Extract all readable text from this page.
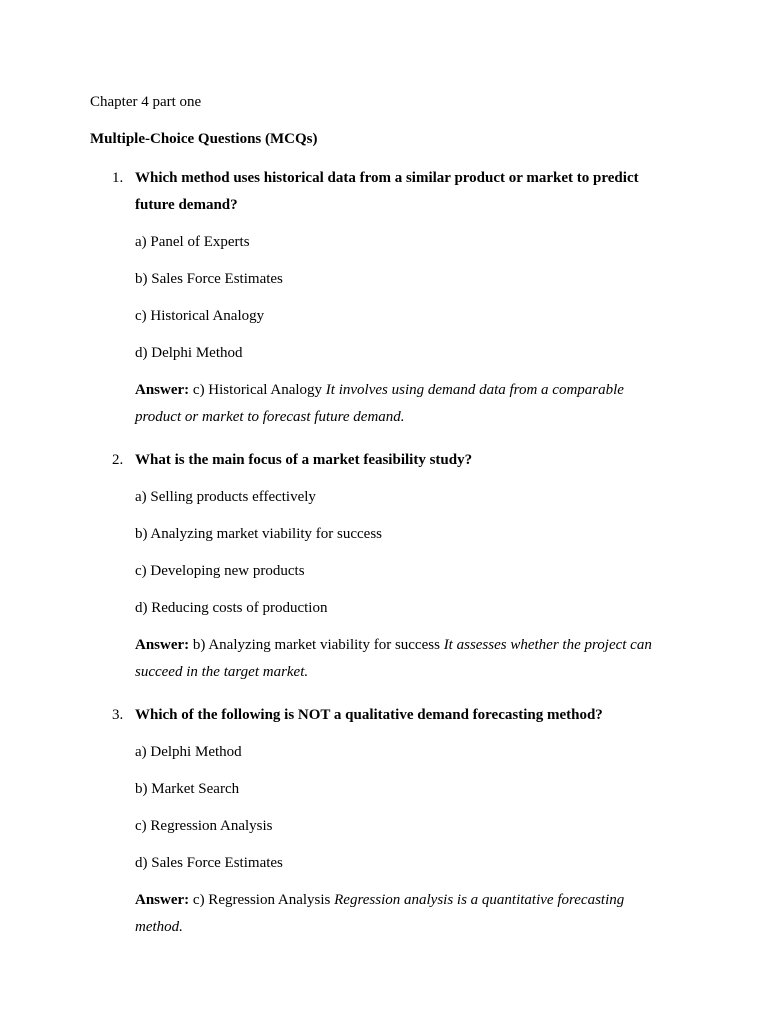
Chapter 4 part one

Multiple-Choice Questions (MCQs)

1. Which method uses historical data from a similar product or market to predict future demand?

a) Panel of Experts

b) Sales Force Estimates

c) Historical Analogy

d) Delphi Method

Answer: c) Historical Analogy It involves using demand data from a comparable product or market to forecast future demand.

2. What is the main focus of a market feasibility study?

a) Selling products effectively

b) Analyzing market viability for success

c) Developing new products

d) Reducing costs of production

Answer: b) Analyzing market viability for success It assesses whether the project can succeed in the target market.

3. Which of the following is NOT a qualitative demand forecasting method?

a) Delphi Method

b) Market Search

c) Regression Analysis

d) Sales Force Estimates

Answer: c) Regression Analysis Regression analysis is a quantitative forecasting method.
